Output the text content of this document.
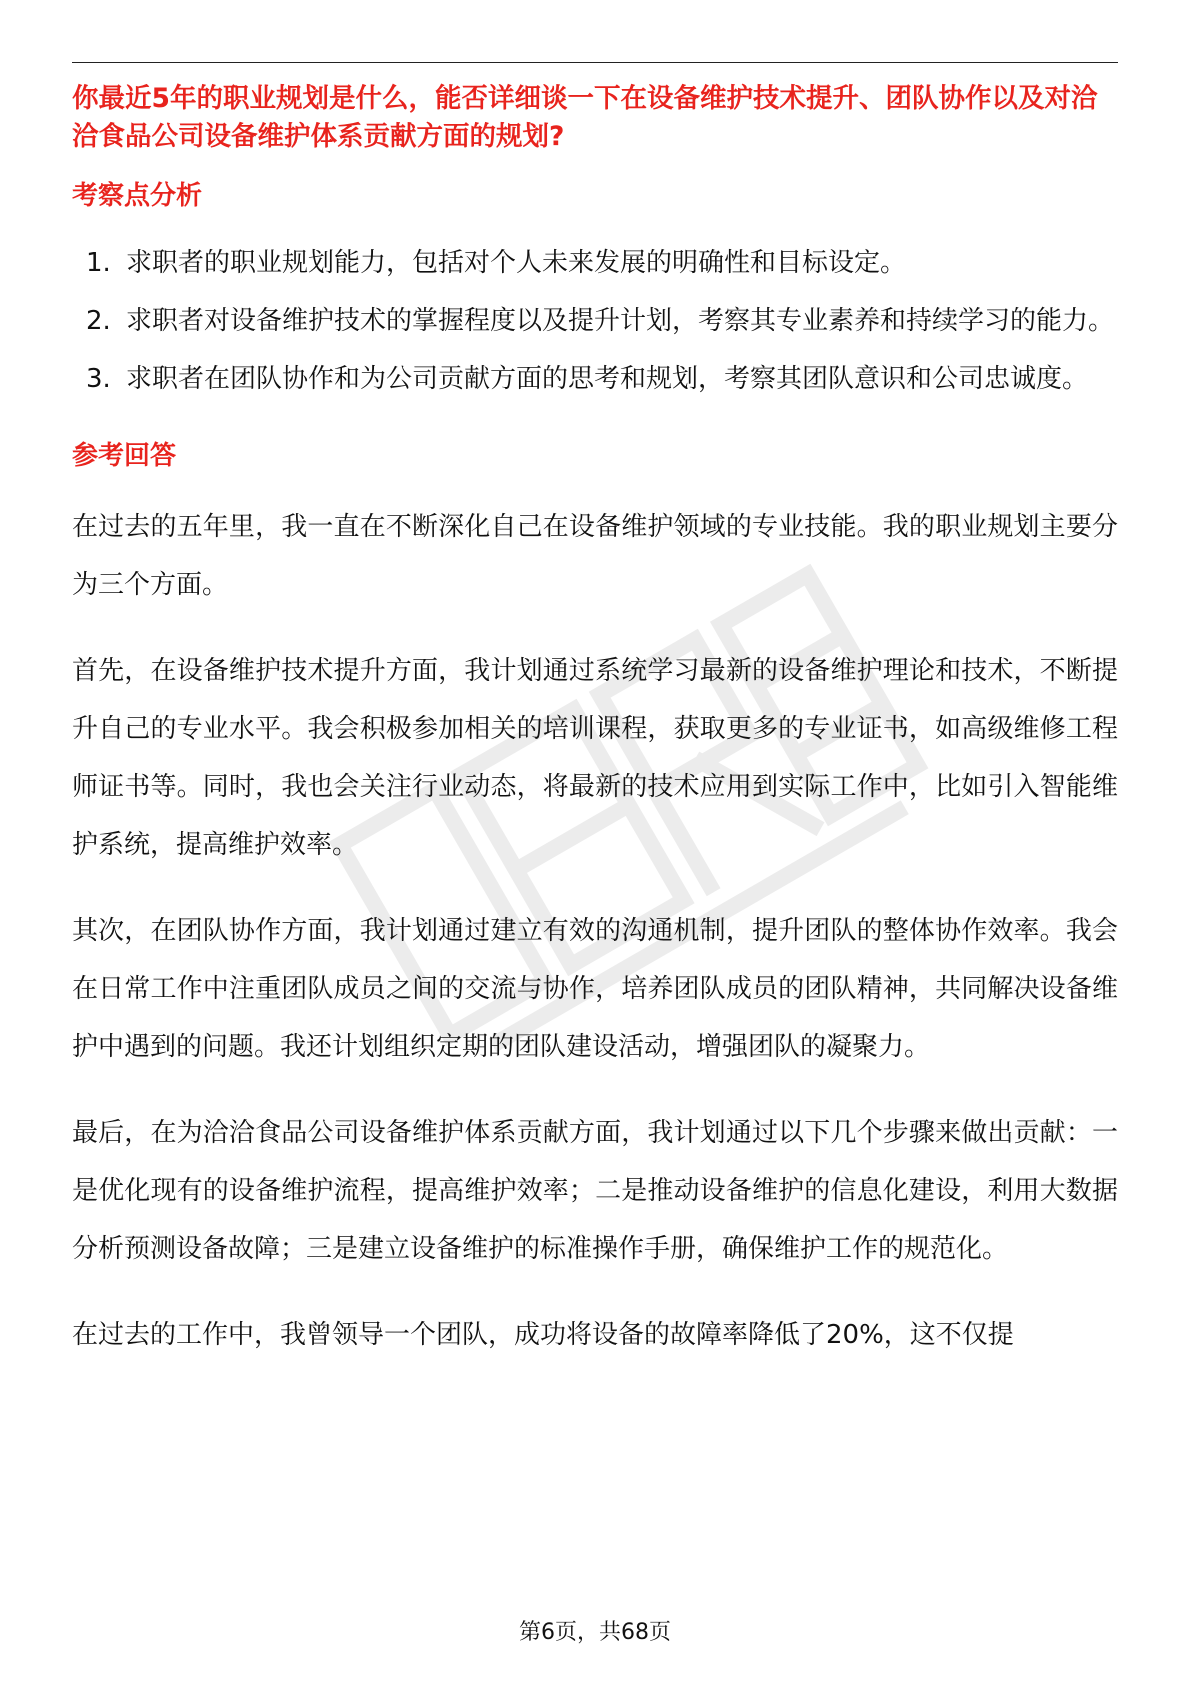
你最近5年的职业规划是什么，能否详细谈一下在设备维护技术提升、团队协作以及对洽洽食品公司设备维护体系贡献方面的规划?

考察点分析
1. 求职者的职业规划能力，包括对个人未来发展的明确性和目标设定。
2. 求职者对设备维护技术的掌握程度以及提升计划，考察其专业素养和持续学习的能力。
3. 求职者在团队协作和为公司贡献方面的思考和规划，考察其团队意识和公司忠诚度。
参考回答

在过去的五年里，我一直在不断深化自己在设备维护领域的专业技能。我的职业规划主要分为三个方面。

首先，在设备维护技术提升方面，我计划通过系统学习最新的设备维护理论和技术，不断提升自己的专业水平。我会积极参加相关的培训课程，获取更多的专业证书，如高级维修工程师证书等。同时，我也会关注行业动态，将最新的技术应用到实际工作中，比如引入智能维护系统，提高维护效率。

其次，在团队协作方面，我计划通过建立有效的沟通机制，提升团队的整体协作效率。我会在日常工作中注重团队成员之间的交流与协作，培养团队成员的团队精神，共同解决设备维护中遇到的问题。我还计划组织定期的团队建设活动，增强团队的凝聚力。

最后，在为洽洽食品公司设备维护体系贡献方面，我计划通过以下几个步骤来做出贡献：一是优化现有的设备维护流程，提高维护效率；二是推动设备维护的信息化建设，利用大数据分析预测设备故障；三是建立设备维护的标准操作手册，确保维护工作的规范化。

在过去的工作中，我曾领导一个团队，成功将设备的故障率降低了20%，这不仅提

第6页，共68页
